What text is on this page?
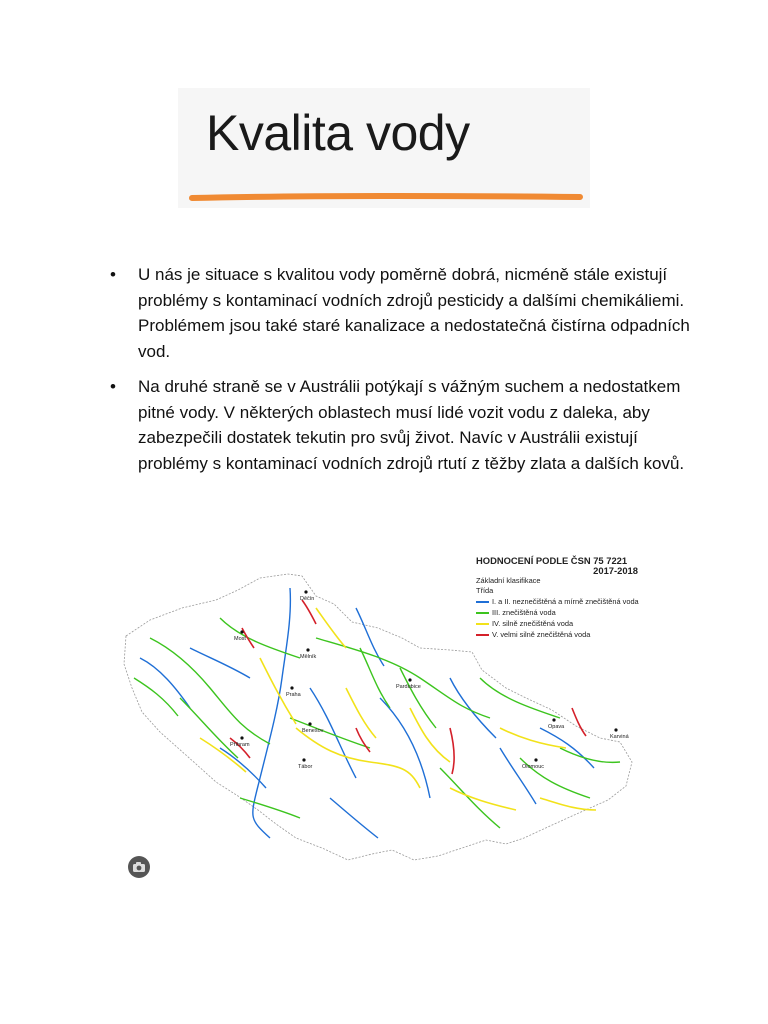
Kvalita vody
• U nás je situace s kvalitou vody poměrně dobrá, nicméně stále existují problémy s kontaminací vodních zdrojů pesticidy a dalšími chemikáliemi. Problémem jsou také staré kanalizace a nedostatečná čistírna odpadních vod.
• Na druhé straně se v Austrálii potýkají s vážným suchem a nedostatkem pitné vody. V některých oblastech musí lidé vozit vodu z daleka, aby zabezpečili dostatek tekutin pro svůj život. Navíc v Austrálii existují problémy s kontaminací vodních zdrojů rtutí z těžby zlata a dalších kovů.
Děčín
Most
Mělník
Praha
Příbram
Benešov
Pardubice
Tábor	Olomouc
Opava
Karviná
HODNOCENÍ PODLE ČSN 75 7221
2017-2018
Základní klasifikace
Třída
I. a II. neznečištěná a mírně znečištěná voda
III. znečištěná voda
IV. silně znečištěná voda
V. velmi silně znečištěná voda
